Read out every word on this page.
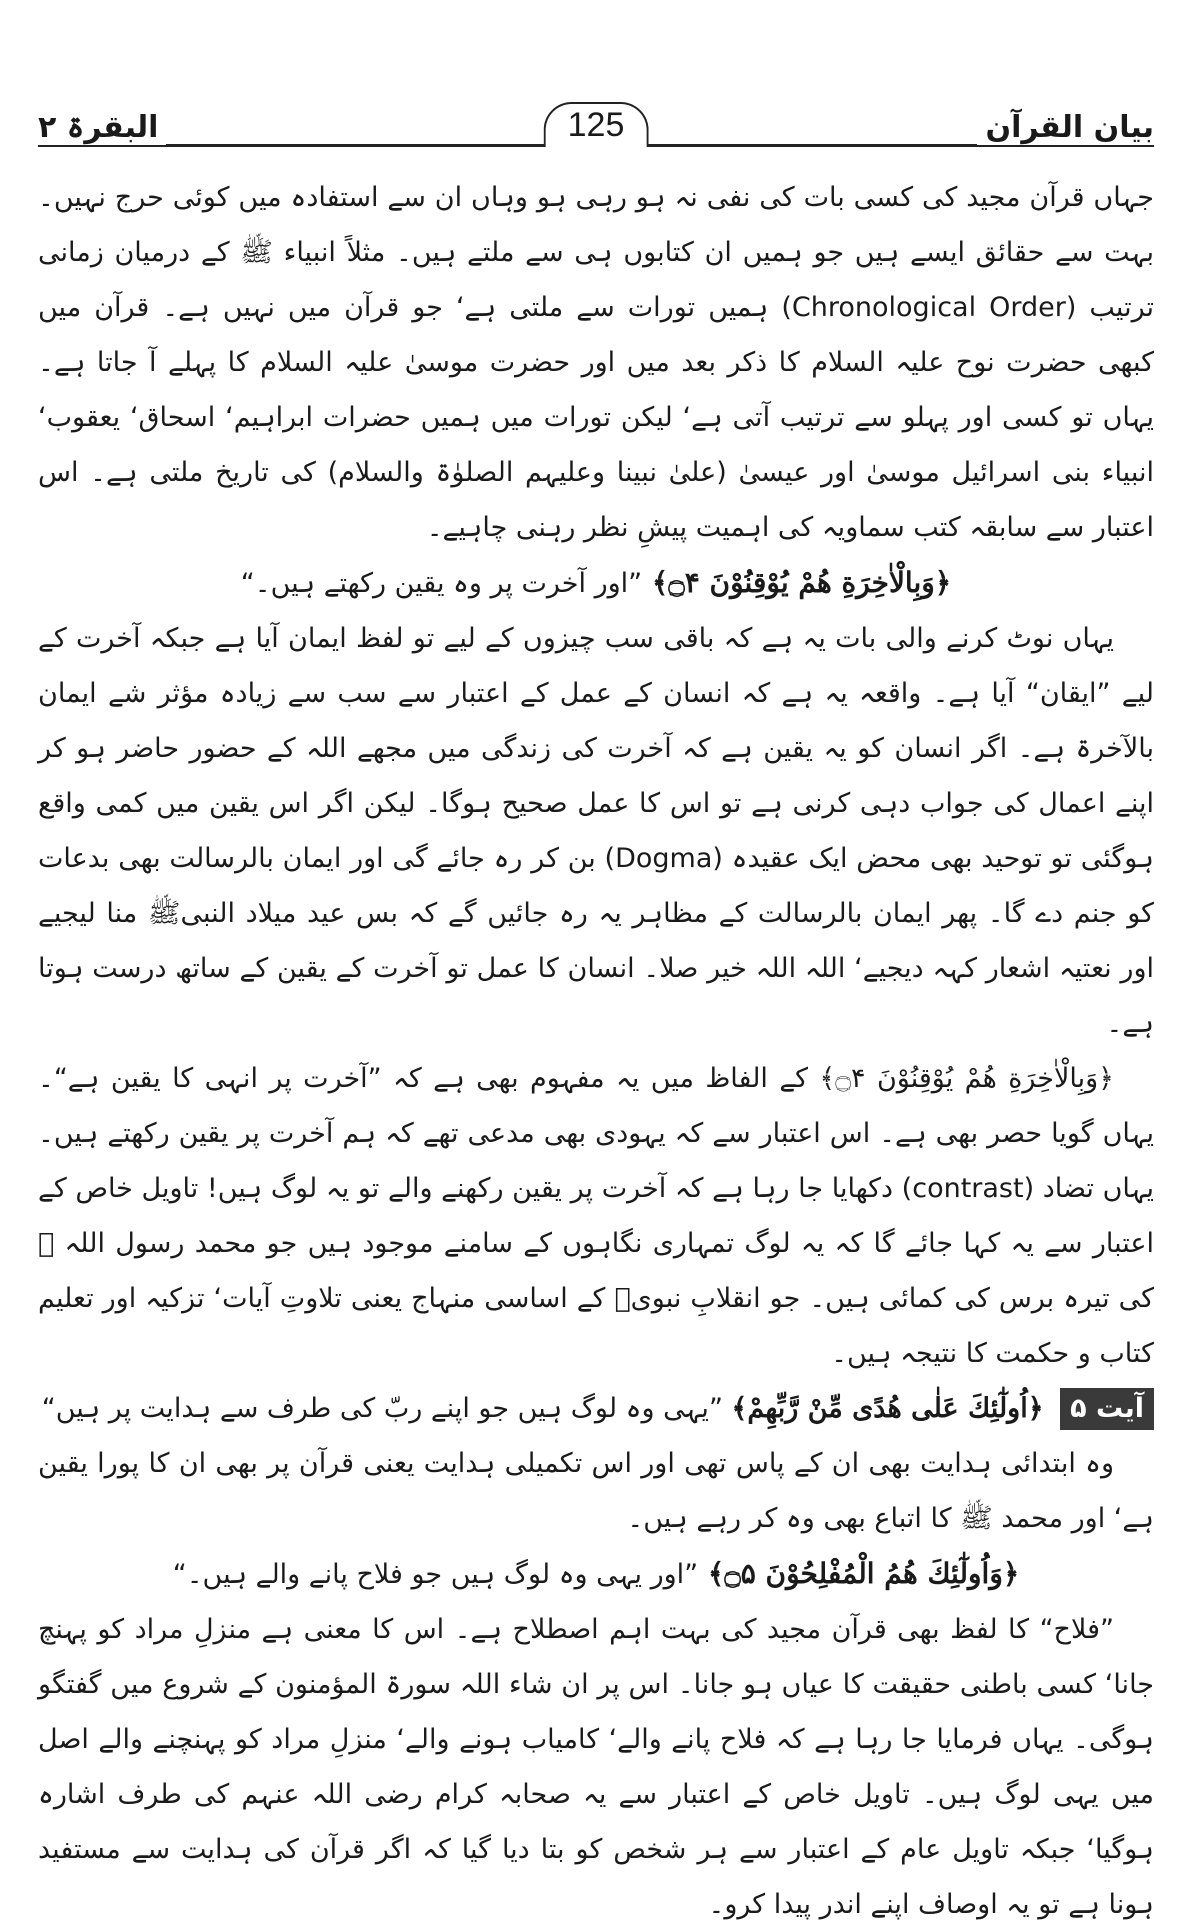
بیان القرآن
125
البقرۃ ۲

جہاں قرآن مجید کی کسی بات کی نفی نہ ہو رہی ہو وہاں ان سے استفادہ میں کوئی حرج نہیں۔ بہت سے حقائق ایسے ہیں جو ہمیں ان کتابوں ہی سے ملتے ہیں۔ مثلاً انبیاء ﷺ کے درمیان زمانی ترتیب (Chronological Order) ہمیں تورات سے ملتی ہے‘ جو قرآن میں نہیں ہے۔ قرآن میں کبھی حضرت نوح علیہ السلام کا ذکر بعد میں اور حضرت موسیٰ علیہ السلام کا پہلے آ جاتا ہے۔ یہاں تو کسی اور پہلو سے ترتیب آتی ہے‘ لیکن تورات میں ہمیں حضرات ابراہیم‘ اسحاق‘ یعقوب‘ انبیاء بنی اسرائیل موسیٰ اور عیسیٰ (علیٰ نبینا وعلیہم الصلوٰۃ والسلام) کی تاریخ ملتی ہے۔ اس اعتبار سے سابقہ کتب سماویہ کی اہمیت پیشِ نظر رہنی چاہیے۔

﴿وَبِالْاٰخِرَةِ هُمْ يُوْقِنُوْنَ ۝۴﴾ ”اور آخرت پر وہ یقین رکھتے ہیں۔“

یہاں نوٹ کرنے والی بات یہ ہے کہ باقی سب چیزوں کے لیے تو لفظ ایمان آیا ہے جبکہ آخرت کے لیے ”ایقان“ آیا ہے۔ واقعہ یہ ہے کہ انسان کے عمل کے اعتبار سے سب سے زیادہ مؤثر شے ایمان بالآخرۃ ہے۔ اگر انسان کو یہ یقین ہے کہ آخرت کی زندگی میں مجھے اللہ کے حضور حاضر ہو کر اپنے اعمال کی جواب دہی کرنی ہے تو اس کا عمل صحیح ہوگا۔ لیکن اگر اس یقین میں کمی واقع ہوگئی تو توحید بھی محض ایک عقیدہ (Dogma) بن کر رہ جائے گی اور ایمان بالرسالت بھی بدعات کو جنم دے گا۔ پھر ایمان بالرسالت کے مظاہر یہ رہ جائیں گے کہ بس عید میلاد النبیﷺ منا لیجیے اور نعتیہ اشعار کہہ دیجیے‘ اللہ اللہ خیر صلا۔ انسان کا عمل تو آخرت کے یقین کے ساتھ درست ہوتا ہے۔

﴿وَبِالْاٰخِرَةِ هُمْ يُوْقِنُوْنَ ۝۴﴾ کے الفاظ میں یہ مفہوم بھی ہے کہ ”آخرت پر انہی کا یقین ہے“۔ یہاں گویا حصر بھی ہے۔ اس اعتبار سے کہ یہودی بھی مدعی تھے کہ ہم آخرت پر یقین رکھتے ہیں۔ یہاں تضاد (contrast) دکھایا جا رہا ہے کہ آخرت پر یقین رکھنے والے تو یہ لوگ ہیں! تاویل خاص کے اعتبار سے یہ کہا جائے گا کہ یہ لوگ تمہاری نگاہوں کے سامنے موجود ہیں جو محمد رسول اللہ ﷺ کی تیرہ برس کی کمائی ہیں۔ جو انقلابِ نبویؐ کے اساسی منہاج یعنی تلاوتِ آیات‘ تزکیہ اور تعلیم کتاب و حکمت کا نتیجہ ہیں۔

آیت ۵ ﴿اُولٰٓئِكَ عَلٰی هُدًی مِّنْ رَّبِّهِمْ﴾ ”یہی وہ لوگ ہیں جو اپنے ربّ کی طرف سے ہدایت پر ہیں“

وہ ابتدائی ہدایت بھی ان کے پاس تھی اور اس تکمیلی ہدایت یعنی قرآن پر بھی ان کا پورا یقین ہے‘ اور محمد ﷺ کا اتباع بھی وہ کر رہے ہیں۔

﴿وَاُولٰٓئِكَ هُمُ الْمُفْلِحُوْنَ ۝۵﴾ ”اور یہی وہ لوگ ہیں جو فلاح پانے والے ہیں۔“

”فلاح“ کا لفظ بھی قرآن مجید کی بہت اہم اصطلاح ہے۔ اس کا معنی ہے منزلِ مراد کو پہنچ جانا‘ کسی باطنی حقیقت کا عیاں ہو جانا۔ اس پر ان شاء اللہ سورۃ المؤمنون کے شروع میں گفتگو ہوگی۔ یہاں فرمایا جا رہا ہے کہ فلاح پانے والے‘ کامیاب ہونے والے‘ منزلِ مراد کو پہنچنے والے اصل میں یہی لوگ ہیں۔ تاویل خاص کے اعتبار سے یہ صحابہ کرام رضی اللہ عنہم کی طرف اشارہ ہوگیا‘ جبکہ تاویل عام کے اعتبار سے ہر شخص کو بتا دیا گیا کہ اگر قرآن کی ہدایت سے مستفید ہونا ہے تو یہ اوصاف اپنے اندر پیدا کرو۔
